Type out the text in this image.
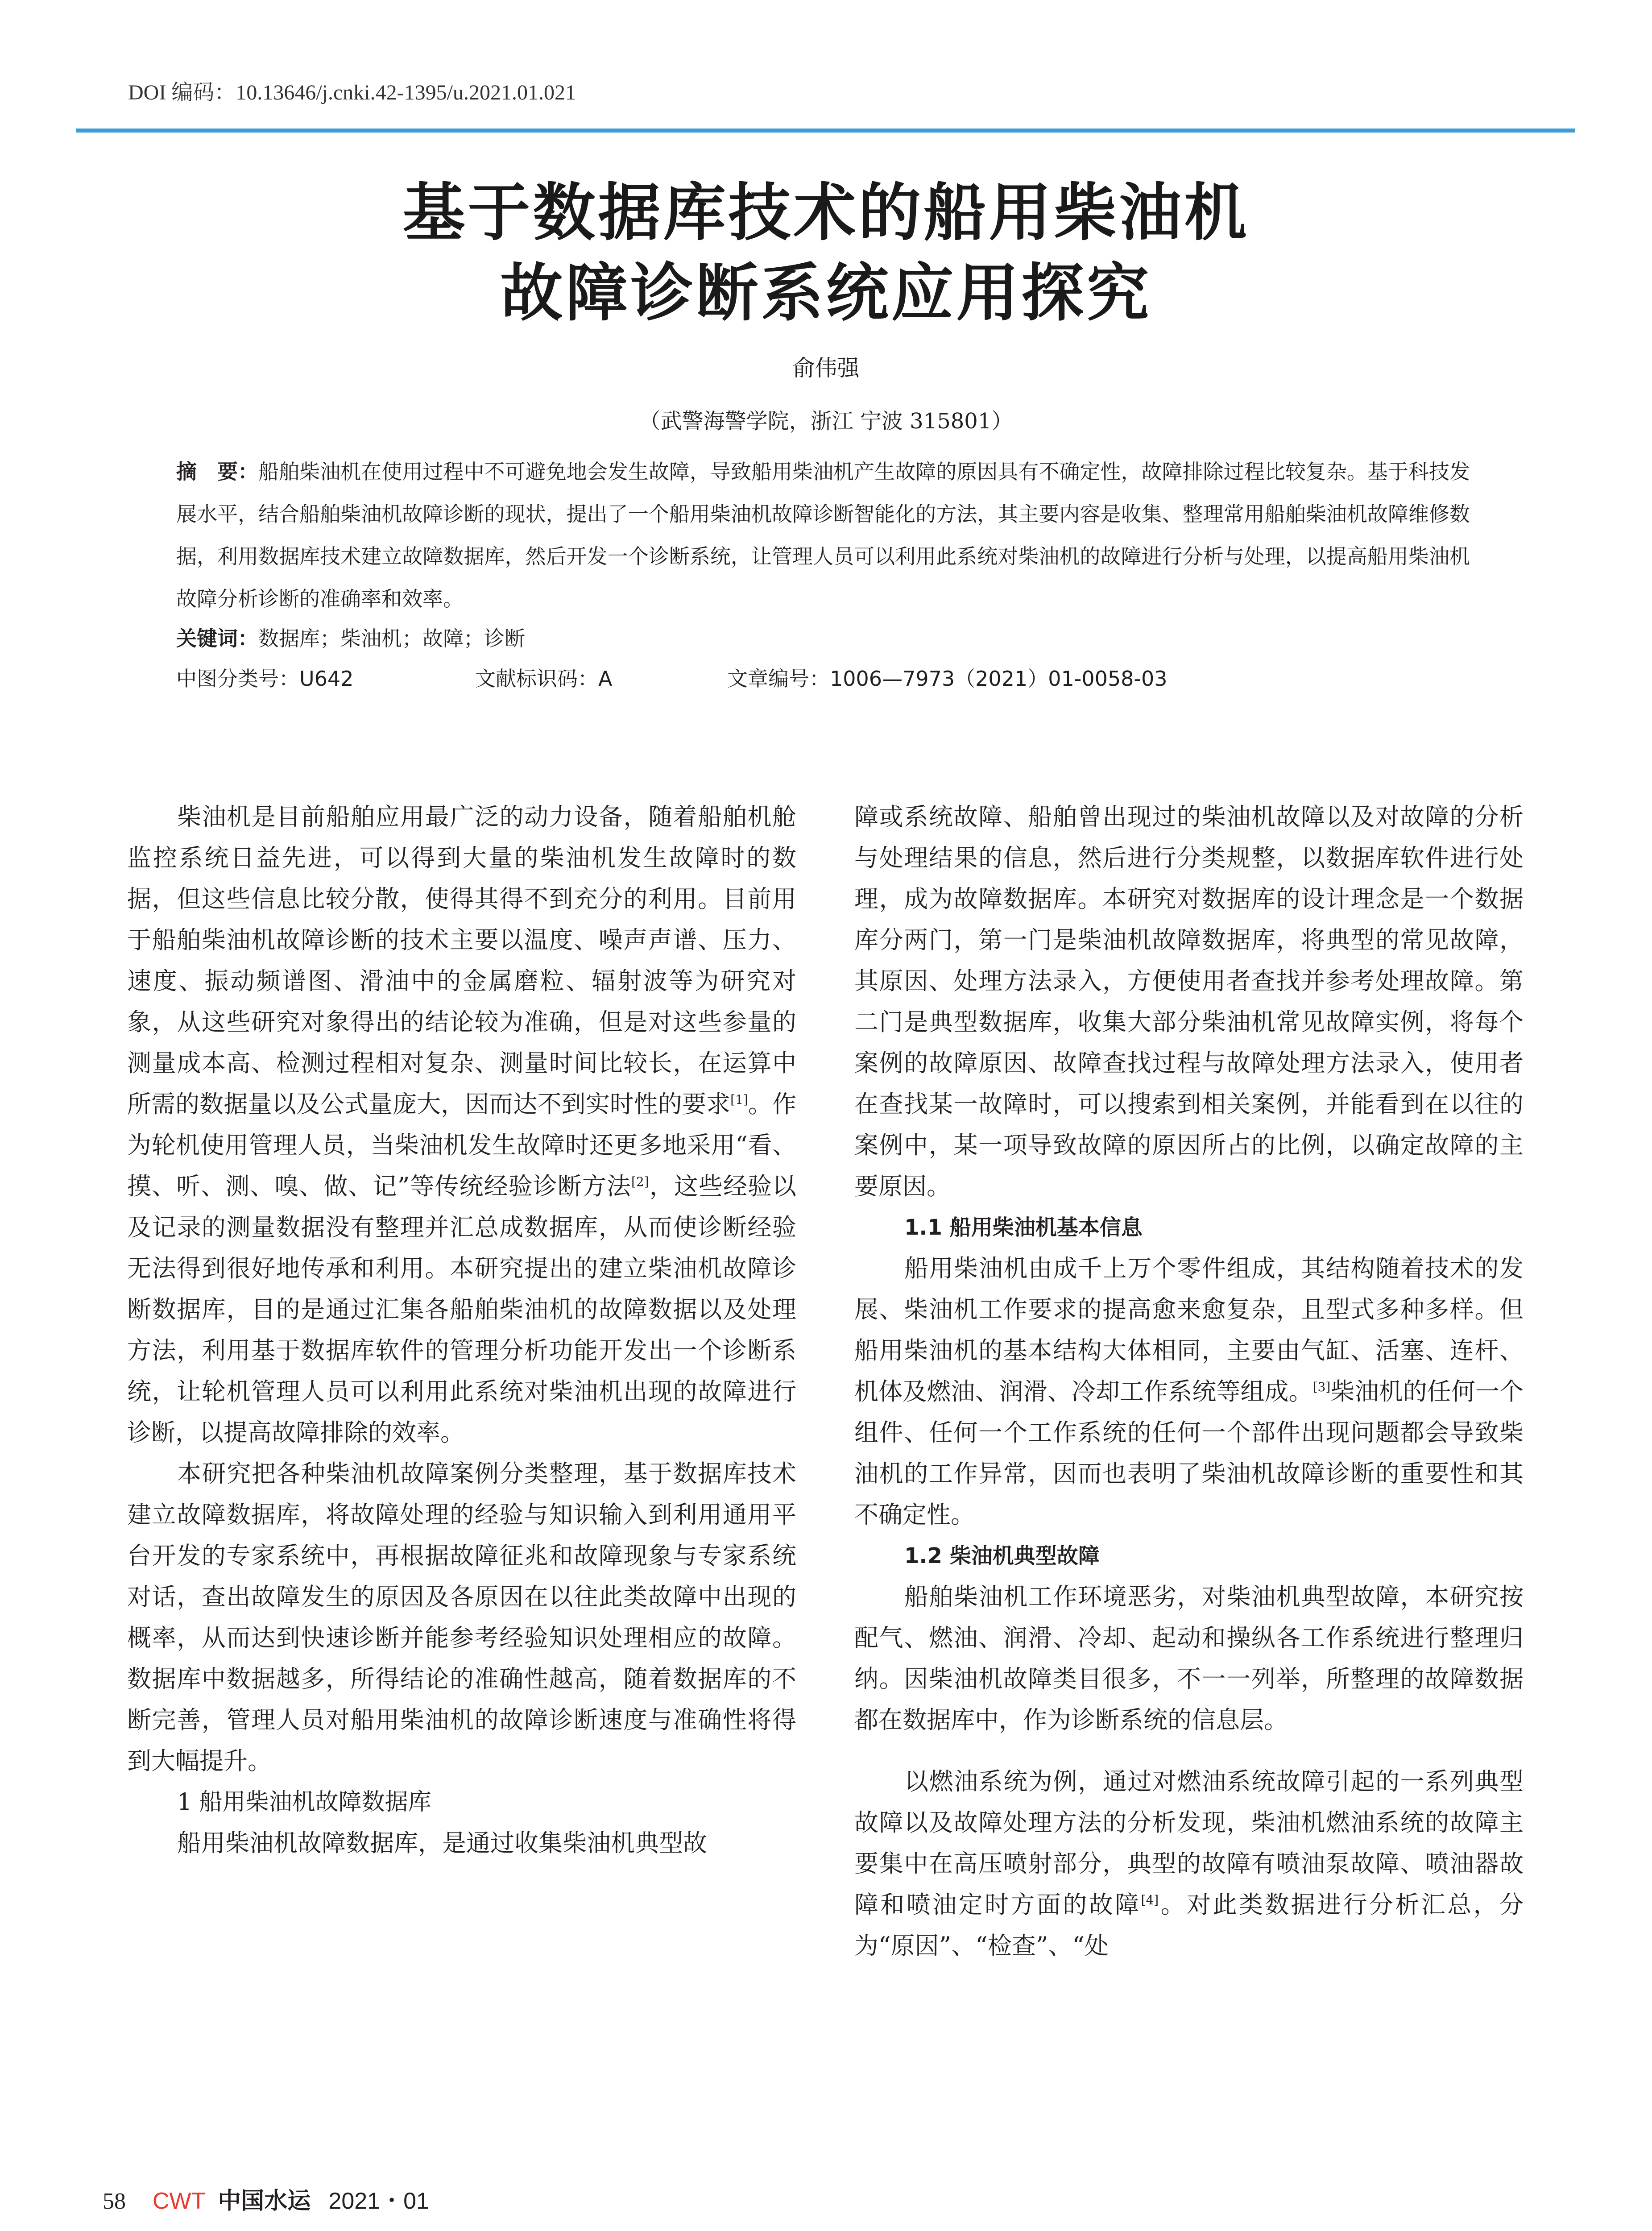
DOI 编码：10.13646/j.cnki.42-1395/u.2021.01.021
基于数据库技术的船用柴油机
故障诊断系统应用探究
俞伟强
（武警海警学院，浙江 宁波 315801）
摘　要：船舶柴油机在使用过程中不可避免地会发生故障，导致船用柴油机产生故障的原因具有不确定性，故障排除过程比较复杂。基于科技发展水平，结合船舶柴油机故障诊断的现状，提出了一个船用柴油机故障诊断智能化的方法，其主要内容是收集、整理常用船舶柴油机故障维修数据，利用数据库技术建立故障数据库，然后开发一个诊断系统，让管理人员可以利用此系统对柴油机的故障进行分析与处理，以提高船用柴油机故障分析诊断的准确率和效率。
关键词：数据库；柴油机；故障；诊断
中图分类号：U642	文献标识码：A	文章编号：1006—7973（2021）01-0058-03

柴油机是目前船舶应用最广泛的动力设备，随着船舶机舱监控系统日益先进，可以得到大量的柴油机发生故障时的数据，但这些信息比较分散，使得其得不到充分的利用。目前用于船舶柴油机故障诊断的技术主要以温度、噪声声谱、压力、速度、振动频谱图、滑油中的金属磨粒、辐射波等为研究对象，从这些研究对象得出的结论较为准确，但是对这些参量的测量成本高、检测过程相对复杂、测量时间比较长，在运算中所需的数据量以及公式量庞大，因而达不到实时性的要求[1]。作为轮机使用管理人员，当柴油机发生故障时还更多地采用“看、摸、听、测、嗅、做、记”等传统经验诊断方法[2]，这些经验以及记录的测量数据没有整理并汇总成数据库，从而使诊断经验无法得到很好地传承和利用。本研究提出的建立柴油机故障诊断数据库，目的是通过汇集各船舶柴油机的故障数据以及处理方法，利用基于数据库软件的管理分析功能开发出一个诊断系统，让轮机管理人员可以利用此系统对柴油机出现的故障进行诊断，以提高故障排除的效率。

本研究把各种柴油机故障案例分类整理，基于数据库技术建立故障数据库，将故障处理的经验与知识输入到利用通用平台开发的专家系统中，再根据故障征兆和故障现象与专家系统对话，查出故障发生的原因及各原因在以往此类故障中出现的概率，从而达到快速诊断并能参考经验知识处理相应的故障。数据库中数据越多，所得结论的准确性越高，随着数据库的不断完善，管理人员对船用柴油机的故障诊断速度与准确性将得到大幅提升。

1 船用柴油机故障数据库

船用柴油机故障数据库，是通过收集柴油机典型故

障或系统故障、船舶曾出现过的柴油机故障以及对故障的分析与处理结果的信息，然后进行分类规整，以数据库软件进行处理，成为故障数据库。本研究对数据库的设计理念是一个数据库分两门，第一门是柴油机故障数据库，将典型的常见故障，其原因、处理方法录入，方便使用者查找并参考处理故障。第二门是典型数据库，收集大部分柴油机常见故障实例，将每个案例的故障原因、故障查找过程与故障处理方法录入，使用者在查找某一故障时，可以搜索到相关案例，并能看到在以往的案例中，某一项导致故障的原因所占的比例，以确定故障的主要原因。

1.1 船用柴油机基本信息

船用柴油机由成千上万个零件组成，其结构随着技术的发展、柴油机工作要求的提高愈来愈复杂，且型式多种多样。但船用柴油机的基本结构大体相同，主要由气缸、活塞、连杆、机体及燃油、润滑、冷却工作系统等组成。[3]柴油机的任何一个组件、任何一个工作系统的任何一个部件出现问题都会导致柴油机的工作异常，因而也表明了柴油机故障诊断的重要性和其不确定性。

1.2 柴油机典型故障

船舶柴油机工作环境恶劣，对柴油机典型故障，本研究按配气、燃油、润滑、冷却、起动和操纵各工作系统进行整理归纳。因柴油机故障类目很多，不一一列举，所整理的故障数据都在数据库中，作为诊断系统的信息层。

以燃油系统为例，通过对燃油系统故障引起的一系列典型故障以及故障处理方法的分析发现，柴油机燃油系统的故障主要集中在高压喷射部分，典型的故障有喷油泵故障、喷油器故障和喷油定时方面的故障[4]。对此类数据进行分析汇总，分为“原因”、“检查”、“处

58 CWT 中国水运 2021・01
